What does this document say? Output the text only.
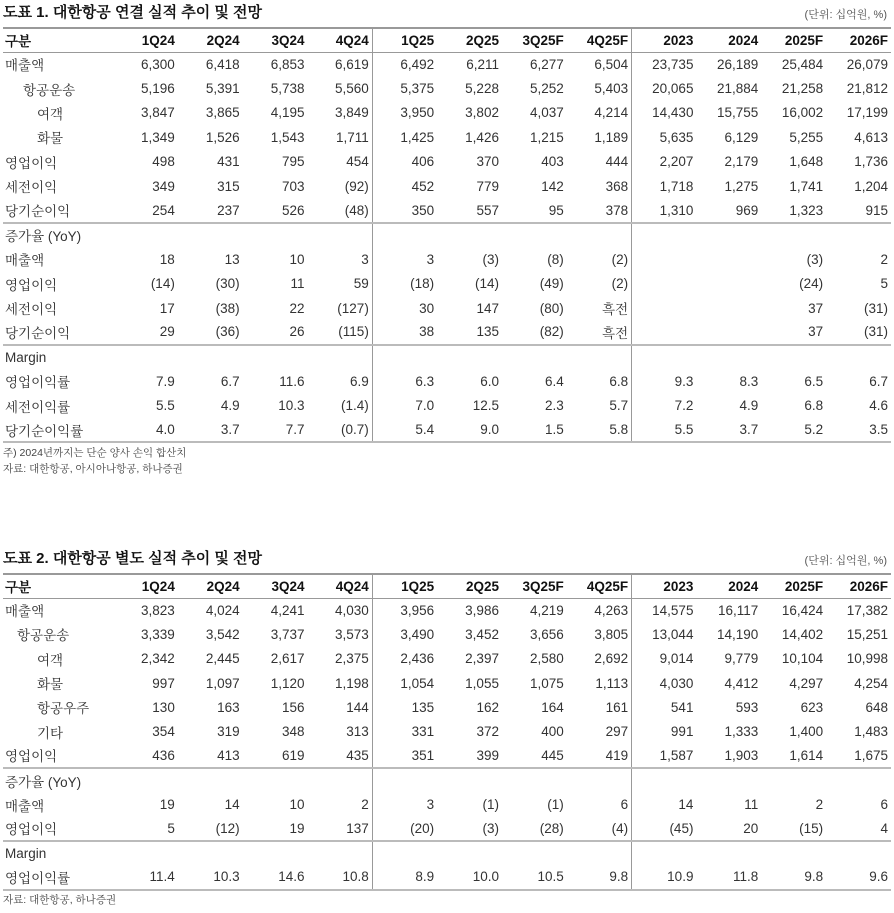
도표 1. 대한항공 연결 실적 추이 및 전망	(단위: 십억원, %)
구분	1Q24	2Q24	3Q24	4Q24	1Q25	2Q25	3Q25F	4Q25F	2023	2024	2025F	2026F
매출액	6,300	6,418	6,853	6,619	6,492	6,211	6,277	6,504	23,735	26,189	25,484	26,079
항공운송	5,196	5,391	5,738	5,560	5,375	5,228	5,252	5,403	20,065	21,884	21,258	21,812
여객	3,847	3,865	4,195	3,849	3,950	3,802	4,037	4,214	14,430	15,755	16,002	17,199
화물	1,349	1,526	1,543	1,711	1,425	1,426	1,215	1,189	5,635	6,129	5,255	4,613
영업이익	498	431	795	454	406	370	403	444	2,207	2,179	1,648	1,736
세전이익	349	315	703	(92)	452	779	142	368	1,718	1,275	1,741	1,204
당기순이익	254	237	526	(48)	350	557	95	378	1,310	969	1,323	915
증가율 (YoY)												
매출액	18	13	10	3	3	(3)	(8)	(2)			(3)	2
영업이익	(14)	(30)	11	59	(18)	(14)	(49)	(2)			(24)	5
세전이익	17	(38)	22	(127)	30	147	(80)	흑전			37	(31)
당기순이익	29	(36)	26	(115)	38	135	(82)	흑전			37	(31)
Margin												
영업이익률	7.9	6.7	11.6	6.9	6.3	6.0	6.4	6.8	9.3	8.3	6.5	6.7
세전이익률	5.5	4.9	10.3	(1.4)	7.0	12.5	2.3	5.7	7.2	4.9	6.8	4.6
당기순이익률	4.0	3.7	7.7	(0.7)	5.4	9.0	1.5	5.8	5.5	3.7	5.2	3.5
주) 2024년까지는 단순 양사 손익 합산치
자료: 대한항공, 아시아나항공, 하나증권
도표 2. 대한항공 별도 실적 추이 및 전망	(단위: 십억원, %)
구분	1Q24	2Q24	3Q24	4Q24	1Q25	2Q25	3Q25F	4Q25F	2023	2024	2025F	2026F
매출액	3,823	4,024	4,241	4,030	3,956	3,986	4,219	4,263	14,575	16,117	16,424	17,382
항공운송	3,339	3,542	3,737	3,573	3,490	3,452	3,656	3,805	13,044	14,190	14,402	15,251
여객	2,342	2,445	2,617	2,375	2,436	2,397	2,580	2,692	9,014	9,779	10,104	10,998
화물	997	1,097	1,120	1,198	1,054	1,055	1,075	1,113	4,030	4,412	4,297	4,254
항공우주	130	163	156	144	135	162	164	161	541	593	623	648
기타	354	319	348	313	331	372	400	297	991	1,333	1,400	1,483
영업이익	436	413	619	435	351	399	445	419	1,587	1,903	1,614	1,675
증가율 (YoY)												
매출액	19	14	10	2	3	(1)	(1)	6	14	11	2	6
영업이익	5	(12)	19	137	(20)	(3)	(28)	(4)	(45)	20	(15)	4
Margin												
영업이익률	11.4	10.3	14.6	10.8	8.9	10.0	10.5	9.8	10.9	11.8	9.8	9.6
자료: 대한항공, 하나증권
